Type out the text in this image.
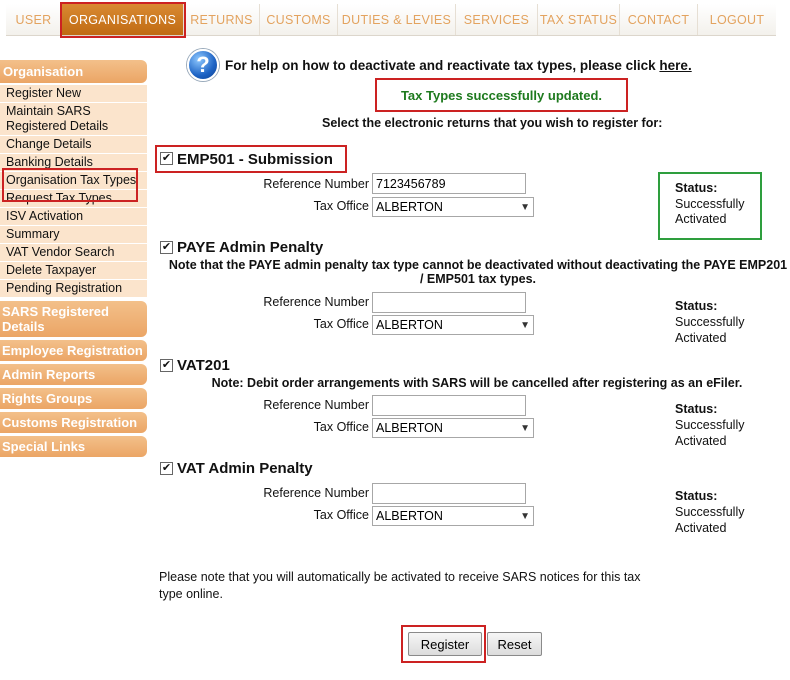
USER	ORGANISATIONS	RETURNS	CUSTOMS DUTIES & LEVIES	SERVICES TAX STATUS CONTACT	LOGOUT
Organisation
Register New
Maintain SARS Registered Details
Change Details
Banking Details
Organisation Tax Types
Request Tax Types
ISV Activation
Summary
VAT Vendor Search
Delete Taxpayer
Pending Registration
SARS Registered Details
Employee Registration
Admin Reports
Rights Groups
Customs Registration
Special Links
?	For help on how to deactivate and reactivate tax types, please click here.
Tax Types successfully updated.
Select the electronic returns that you wish to register for:
✔ EMP501 - Submission
Reference Number 7123456789
Tax Office ALBERTON	▼
Status:
Successfully
Activated
✔ PAYE Admin Penalty
Note that the PAYE admin penalty tax type cannot be deactivated without deactivating the PAYE EMP201 / EMP501 tax types.
Reference Number
Tax Office ALBERTON	▼
Status:
Successfully
Activated
✔ VAT201
Note: Debit order arrangements with SARS will be cancelled after registering as an eFiler.
Reference Number
Tax Office ALBERTON	▼
Status:
Successfully
Activated
✔ VAT Admin Penalty
Reference Number
Tax Office ALBERTON	▼
Status:
Successfully
Activated
Please note that you will automatically be activated to receive SARS notices for this tax type online.
Register	Reset
